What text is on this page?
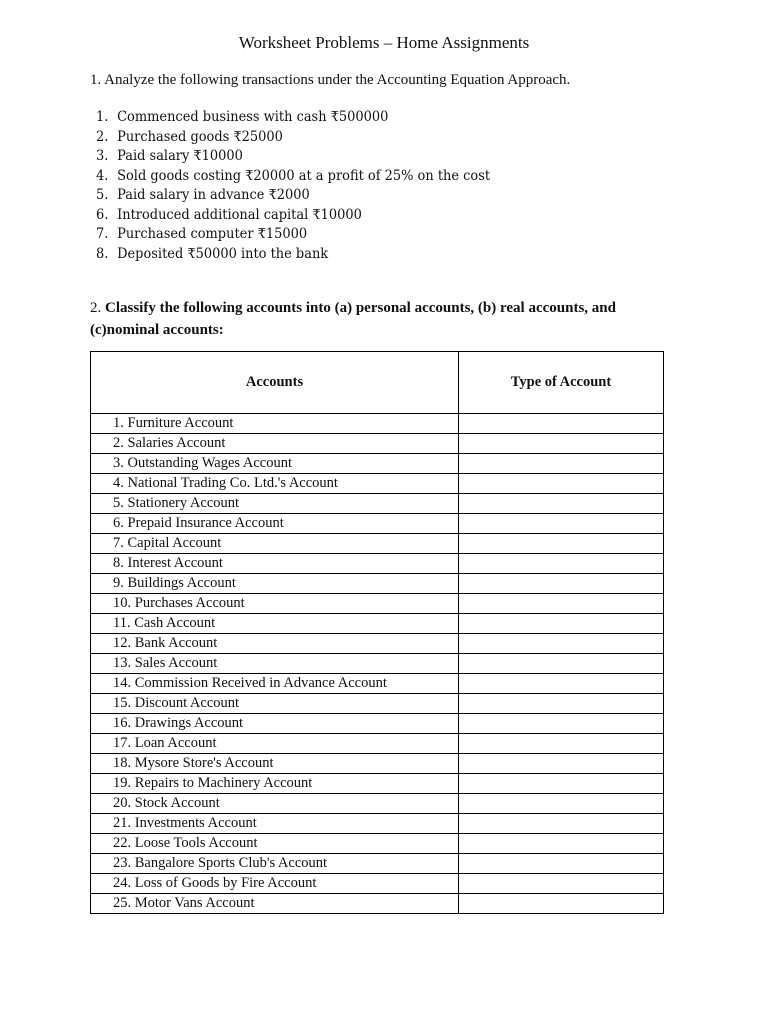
Worksheet Problems – Home Assignments
1. Analyze the following transactions under the Accounting Equation Approach.
1. Commenced business with cash ₹500000
2. Purchased goods ₹25000
3. Paid salary ₹10000
4. Sold goods costing ₹20000 at a profit of 25% on the cost
5. Paid salary in advance ₹2000
6. Introduced additional capital ₹10000
7. Purchased computer ₹15000
8. Deposited ₹50000 into the bank
2. Classify the following accounts into (a) personal accounts, (b) real accounts, and (c)nominal accounts:
Accounts	Type of Account
1. Furniture Account	
2. Salaries Account	
3. Outstanding Wages Account	
4. National Trading Co. Ltd.'s Account	
5. Stationery Account	
6. Prepaid Insurance Account	
7. Capital Account	
8. Interest Account	
9. Buildings Account	
10. Purchases Account	
11. Cash Account	
12. Bank Account	
13. Sales Account	
14. Commission Received in Advance Account	
15. Discount Account	
16. Drawings Account	
17. Loan Account	
18. Mysore Store's Account	
19. Repairs to Machinery Account	
20. Stock Account	
21. Investments Account	
22. Loose Tools Account	
23. Bangalore Sports Club's Account	
24. Loss of Goods by Fire Account	
25. Motor Vans Account	
